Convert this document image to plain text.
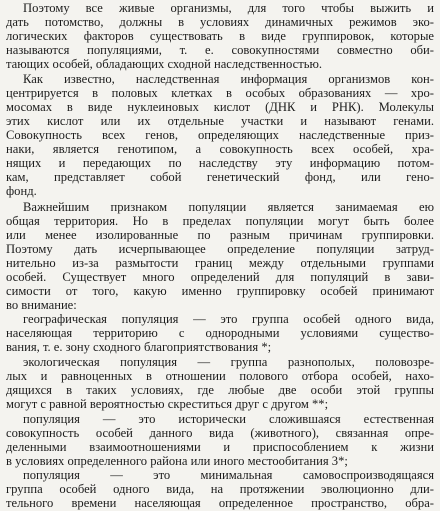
Поэтому все живые организмы, для того чтобы выжить и
дать потомство, должны в условиях динамичных режимов эко-
логических факторов существовать в виде группировок, которые
называются популяциями, т. е. совокупностями совместно оби-
тающих особей, обладающих сходной наследственностью.
Как известно, наследственная информация организмов кон-
центрируется в половых клетках в особых образованиях — хро-
мосомах в виде нуклеиновых кислот (ДНК и РНК). Молекулы
этих кислот или их отдельные участки и называют генами.
Совокупность всех генов, определяющих наследственные приз-
наки, является генотипом, а совокупность всех особей, хра-
нящих и передающих по наследству эту информацию потом-
кам, представляет собой генетический фонд, или генo-
фонд.
Важнейшим признаком популяции является занимаемая ею
общая территория. Но в пределах популяции могут быть более
или менее изолированные по разным причинам группировки.
Поэтому дать исчерпывающее определение популяции затруд-
нительно из-за размытости границ между отдельными группами
особей. Существует много определений для популяций в зави-
симости от того, какую именно группировку особей принимают
во внимание:
географическая популяция — это группа особей одного вида,
населяющая территорию с однородными условиями существо-
вания, т. е. зону сходного благоприятствования *;
экологическая популяция — группа разнополых, половозре-
лых и равноценных в отношении полового отбора особей, нахо-
дящихся в таких условиях, где любые две особи этой группы
могут с равной вероятностью скреститься друг с другом **;
популяция — это исторически сложившаяся естественная
совокупность особей данного вида (животного), связанная опре-
деленными взаимоотношениями и приспособлением к жизни
в условиях определенного района или иного местообитания 3*;
популяция — это минимальная самовоспроизводящаяся
группа особей одного вида, на протяжении эволюционно дли-
тельного времени населяющая определенное пространство, обра-
